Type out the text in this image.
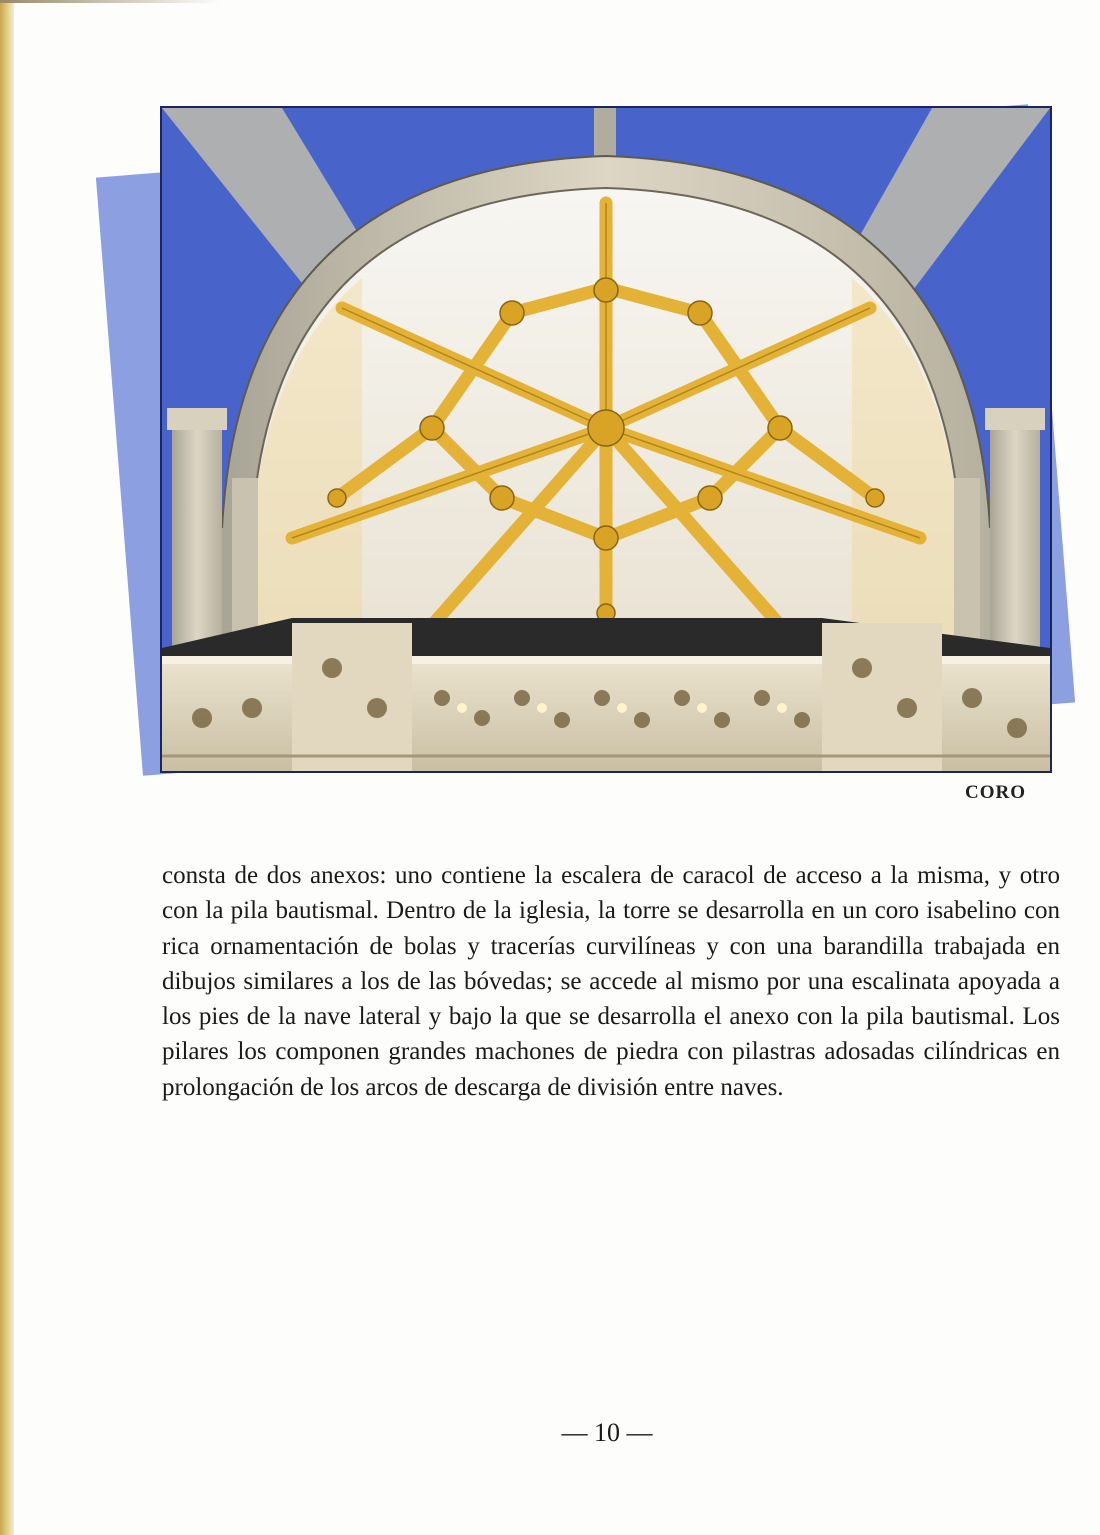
CORO

consta de dos anexos: uno contiene la escalera de caracol de acceso a la misma, y otro con la pila bautismal. Dentro de la iglesia, la torre se desarrolla en un coro isabelino con rica ornamentación de bolas y tracerías curvilíneas y con una barandilla trabajada en dibujos similares a los de las bóvedas; se accede al mismo por una escalinata apoyada a los pies de la nave lateral y bajo la que se desarrolla el anexo con la pila bautismal. Los pilares los componen grandes machones de piedra con pilastras adosadas cilíndricas en prolongación de los arcos de descarga de división entre naves.

— 10 —
